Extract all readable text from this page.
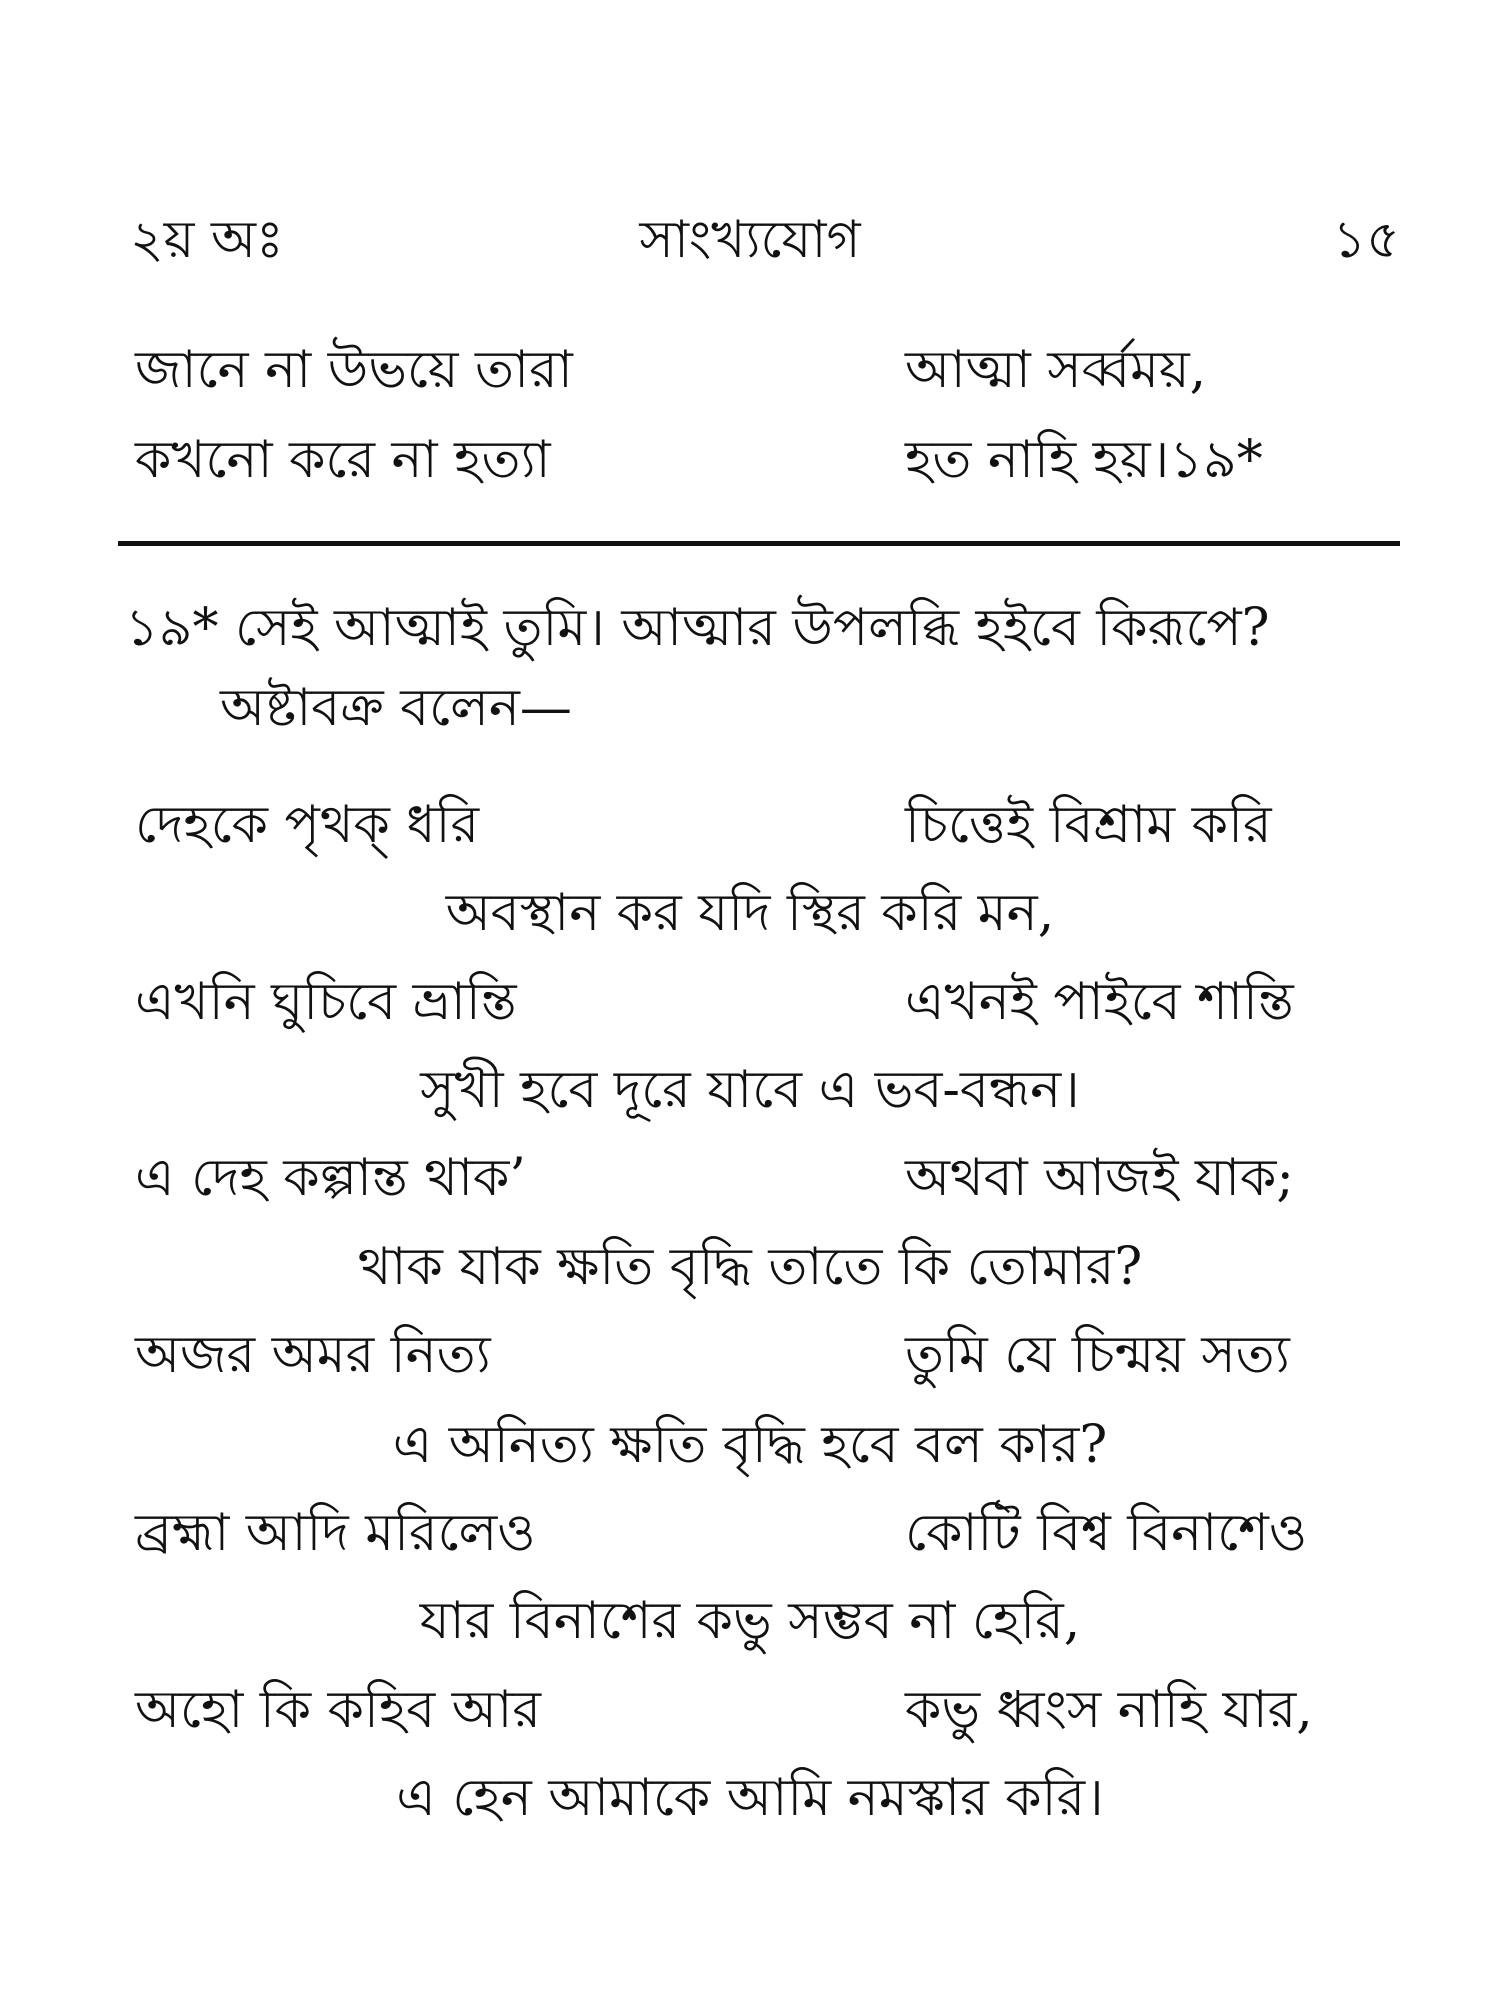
২য় অঃ	সাংখ্যযোগ	১৫
জানে না উভয়ে তারা	আত্মা সর্ব্বময়,
কখনো করে না হত্যা	হত নাহি হয়।১৯*
১৯* সেই আত্মাই তুমি। আত্মার উপলব্ধি হইবে কিরূপে?
অষ্টাবক্র বলেন—
দেহকে পৃথক্ ধরি	চিত্তেই বিশ্রাম করি
অবস্থান কর যদি স্থির করি মন,
এখনি ঘুচিবে ভ্রান্তি	এখনই পাইবে শান্তি
সুখী হবে দূরে যাবে এ ভব-বন্ধন।
এ দেহ কল্পান্ত থাক’	অথবা আজই যাক;
থাক যাক ক্ষতি বৃদ্ধি তাতে কি তোমার?
অজর অমর নিত্য	তুমি যে চিন্ময় সত্য
এ অনিত্য ক্ষতি বৃদ্ধি হবে বল কার?
ব্রহ্মা আদি মরিলেও	কোটি বিশ্ব বিনাশেও
যার বিনাশের কভু সম্ভব না হেরি,
অহো কি কহিব আর	কভু ধ্বংস নাহি যার,
এ হেন আমাকে আমি নমস্কার করি।
